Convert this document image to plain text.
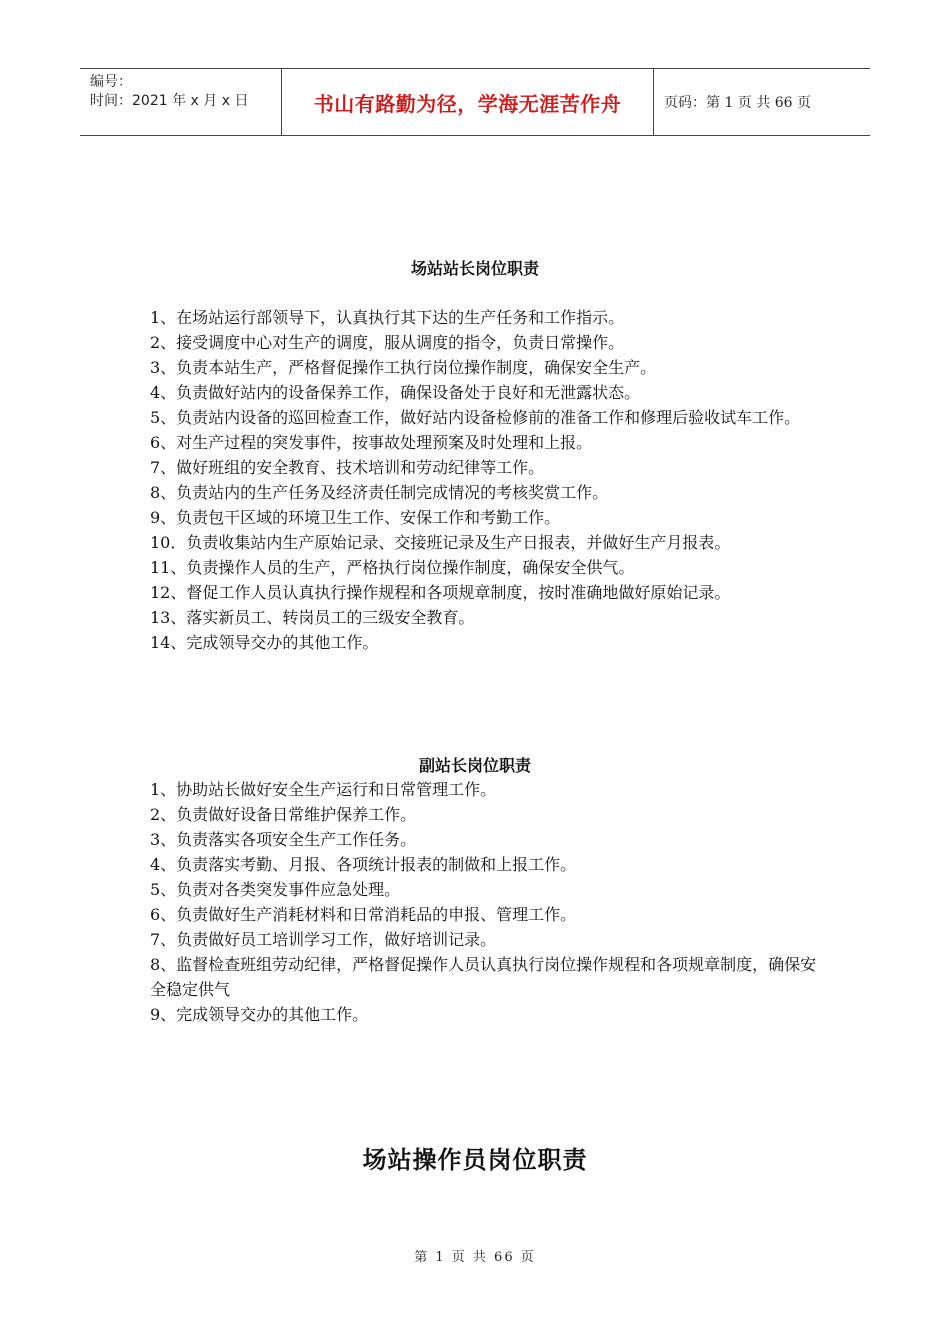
编号：
时间：2021 年 x 月 x 日	书山有路勤为径，学海无涯苦作舟	页码：第 1 页 共 66 页
场站站长岗位职责
1、在场站运行部领导下，认真执行其下达的生产任务和工作指示。
2、接受调度中心对生产的调度，服从调度的指令，负责日常操作。
3、负责本站生产，严格督促操作工执行岗位操作制度，确保安全生产。
4、负责做好站内的设备保养工作，确保设备处于良好和无泄露状态。
5、负责站内设备的巡回检查工作，做好站内设备检修前的准备工作和修理后验收试车工作。
6、对生产过程的突发事件，按事故处理预案及时处理和上报。
7、做好班组的安全教育、技术培训和劳动纪律等工作。
8、负责站内的生产任务及经济责任制完成情况的考核奖赏工作。
9、负责包干区域的环境卫生工作、安保工作和考勤工作。
10．负责收集站内生产原始记录、交接班记录及生产日报表，并做好生产月报表。
11、负责操作人员的生产，严格执行岗位操作制度，确保安全供气。
12、督促工作人员认真执行操作规程和各项规章制度，按时准确地做好原始记录。
13、落实新员工、转岗员工的三级安全教育。
14、完成领导交办的其他工作。
副站长岗位职责
1、协助站长做好安全生产运行和日常管理工作。
2、负责做好设备日常维护保养工作。
3、负责落实各项安全生产工作任务。
4、负责落实考勤、月报、各项统计报表的制做和上报工作。
5、负责对各类突发事件应急处理。
6、负责做好生产消耗材料和日常消耗品的申报、管理工作。
7、负责做好员工培训学习工作，做好培训记录。
8、监督检查班组劳动纪律，严格督促操作人员认真执行岗位操作规程和各项规章制度，确保安全稳定供气
9、完成领导交办的其他工作。
场站操作员岗位职责
第 1 页 共 66 页
